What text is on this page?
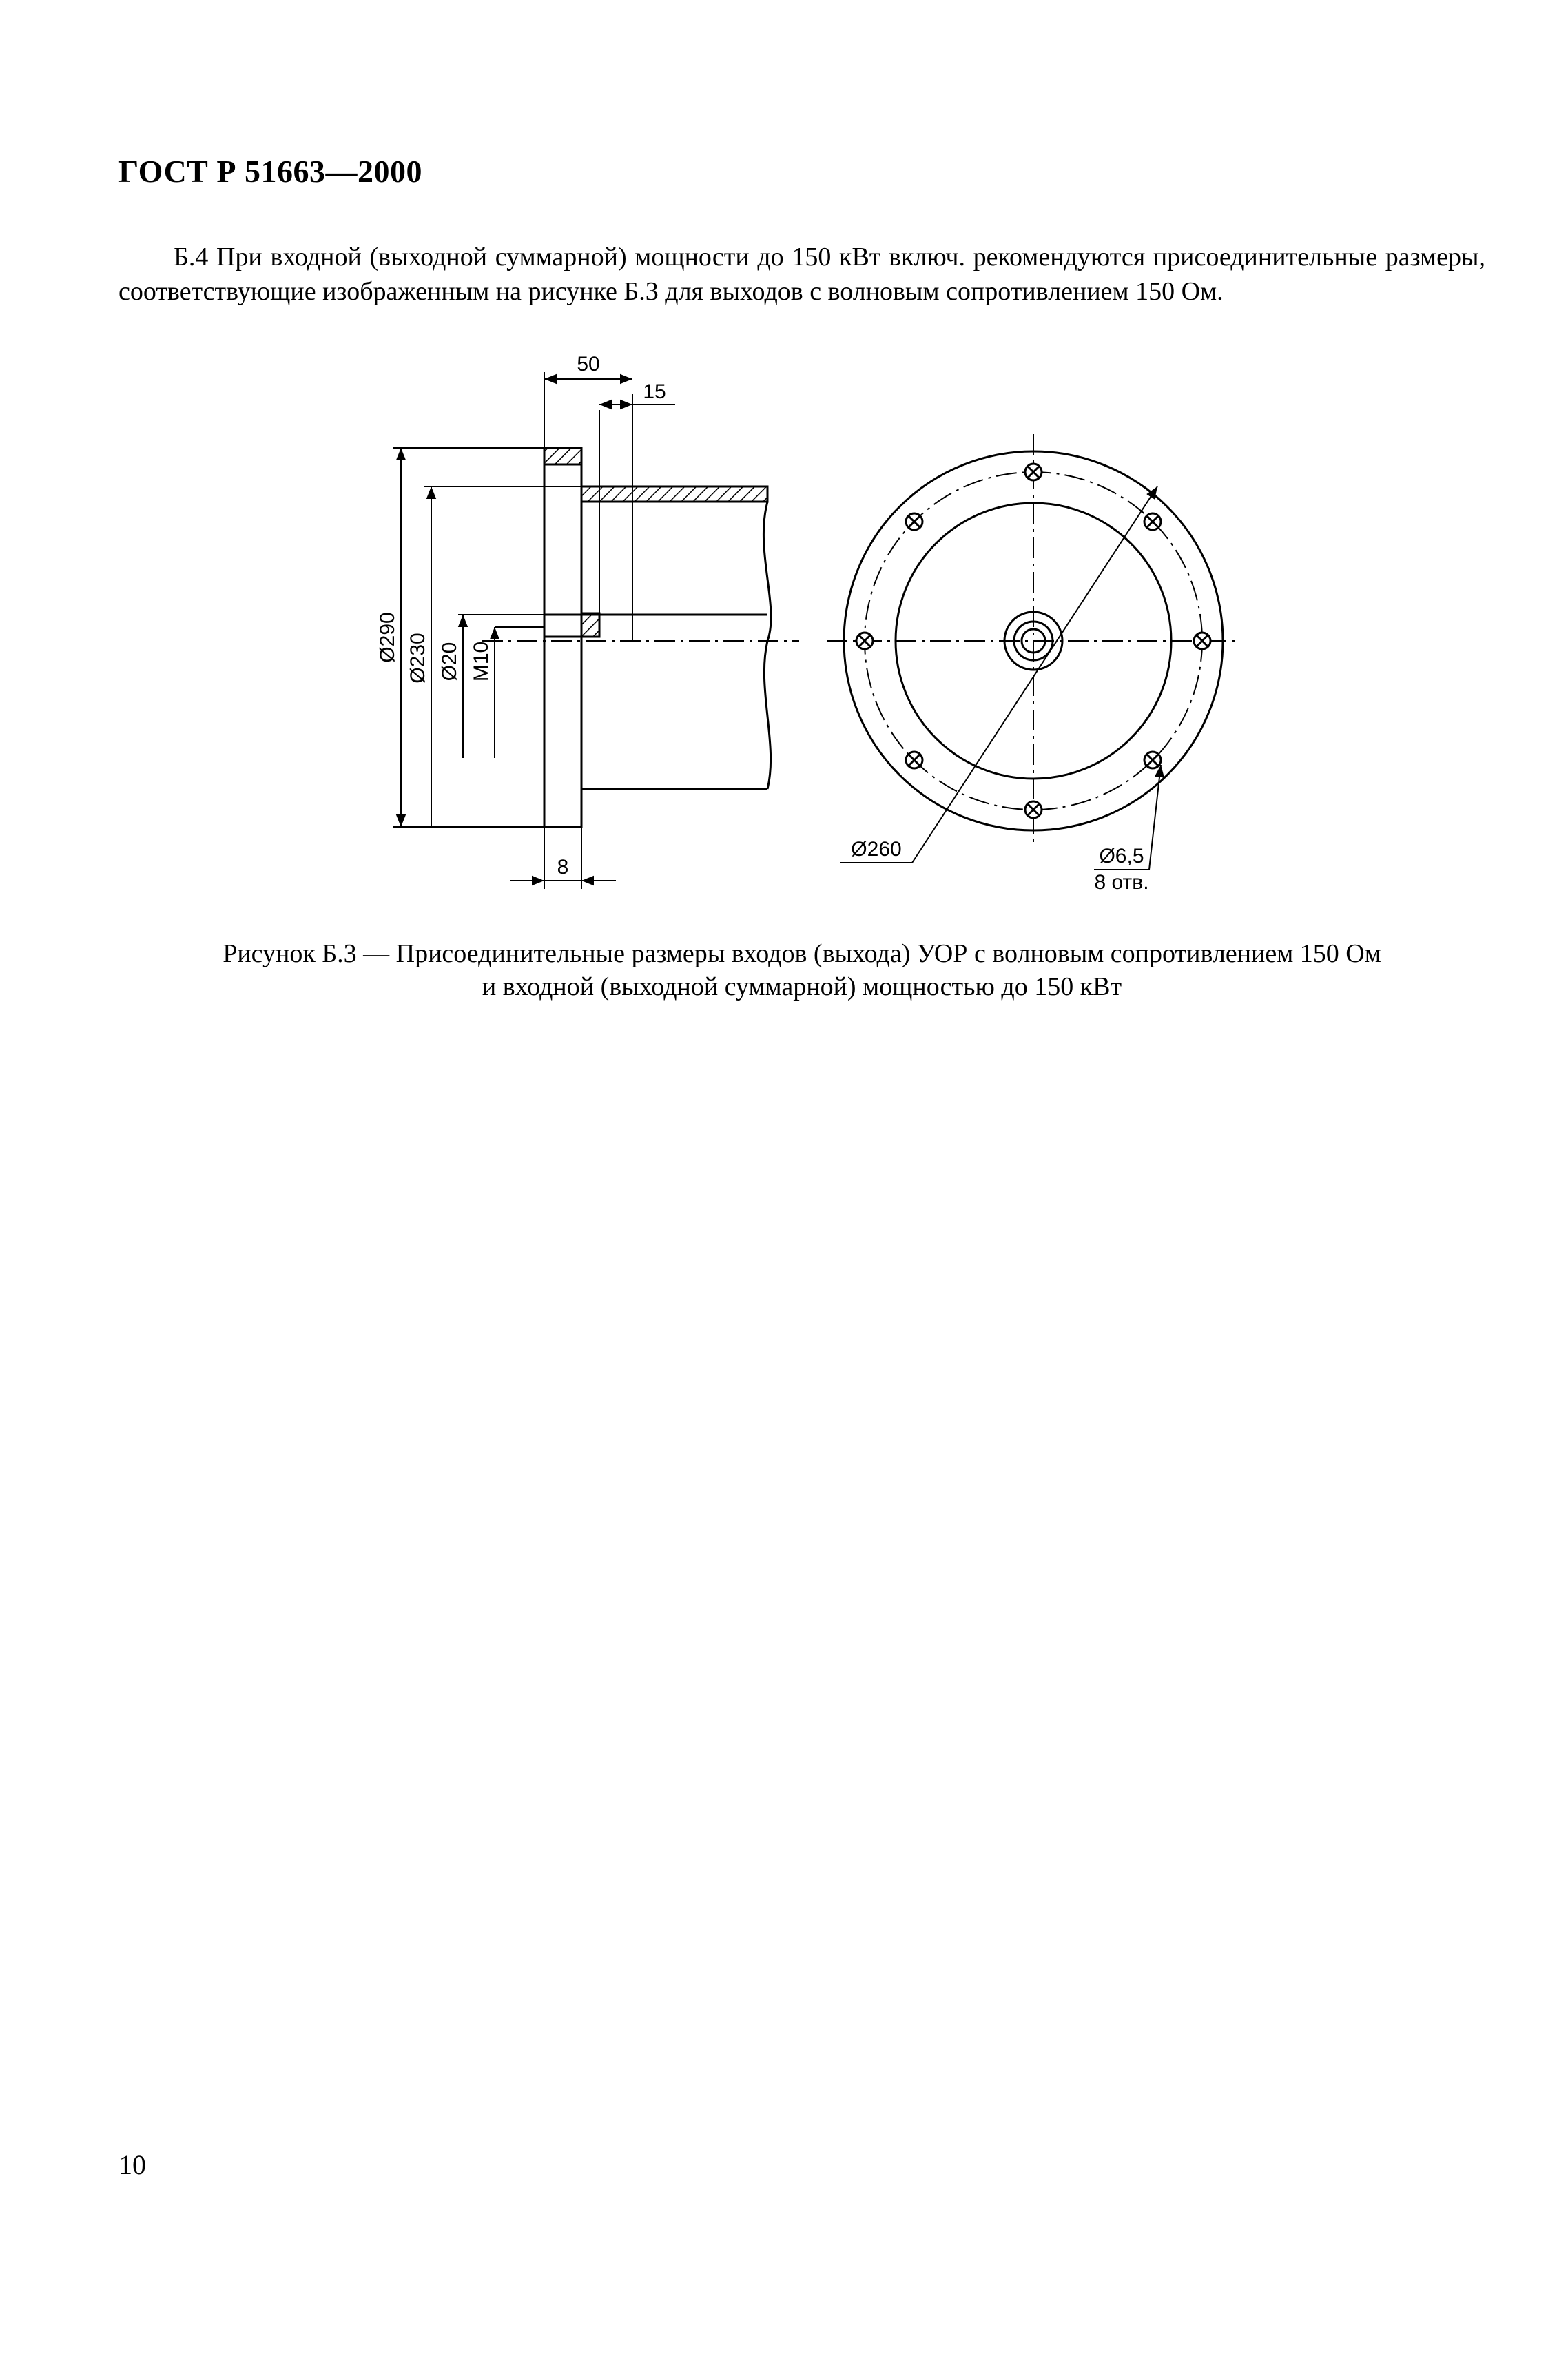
ГОСТ Р 51663—2000
Б.4 При входной (выходной суммарной) мощности до 150 кВт включ. рекомендуются присоединительные размеры, соответствующие изображенным на рисунке Б.3 для выходов с волновым сопротивлением 150 Ом.
50
15
8
Ø290 Ø230 Ø20 M10
Ø260	Ø6,5
8 отв.
Рисунок Б.3 — Присоединительные размеры входов (выхода) УОР с волновым сопротивлением 150 Ом
и входной (выходной суммарной) мощностью до 150 кВт
10
